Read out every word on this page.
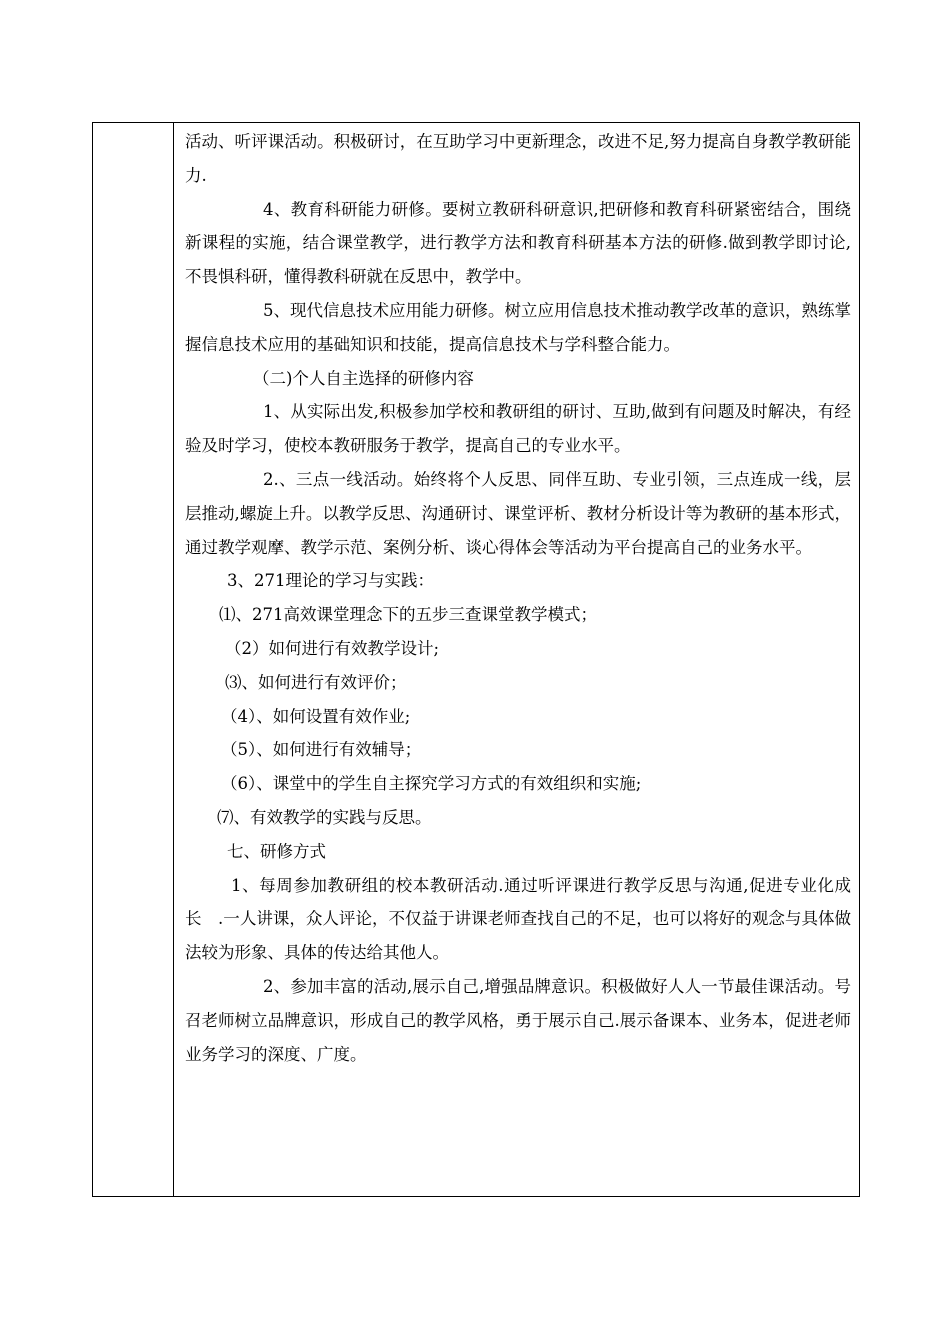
活动、听评课活动。积极研讨，在互助学习中更新理念，改进不足,努力提高自身教学教研能力.

4、教育科研能力研修。要树立教研科研意识,把研修和教育科研紧密结合，围绕新课程的实施，结合课堂教学，进行教学方法和教育科研基本方法的研修.做到教学即讨论,不畏惧科研，懂得教科研就在反思中，教学中。

5、现代信息技术应用能力研修。树立应用信息技术推动教学改革的意识，熟练掌握信息技术应用的基础知识和技能，提高信息技术与学科整合能力。

（二)个人自主选择的研修内容

1、从实际出发,积极参加学校和教研组的研讨、互助,做到有问题及时解决，有经验及时学习，使校本教研服务于教学，提高自己的专业水平。

2.、三点一线活动。始终将个人反思、同伴互助、专业引领，三点连成一线，层层推动,螺旋上升。以教学反思、沟通研讨、课堂评析、教材分析设计等为教研的基本形式，通过教学观摩、教学示范、案例分析、谈心得体会等活动为平台提高自己的业务水平。

3、271理论的学习与实践：

⑴、271高效课堂理念下的五步三查课堂教学模式；

（2）如何进行有效教学设计;

⑶、如何进行有效评价；

（4）、如何设置有效作业;

（5）、如何进行有效辅导；

（6）、课堂中的学生自主探究学习方式的有效组织和实施;

⑺、有效教学的实践与反思。

七、研修方式

1、每周参加教研组的校本教研活动.通过听评课进行教学反思与沟通,促进专业化成长　.一人讲课，众人评论，不仅益于讲课老师查找自己的不足，也可以将好的观念与具体做法较为形象、具体的传达给其他人。

2、参加丰富的活动,展示自己,增强品牌意识。积极做好人人一节最佳课活动。号召老师树立品牌意识，形成自己的教学风格，勇于展示自己.展示备课本、业务本，促进老师业务学习的深度、广度。
